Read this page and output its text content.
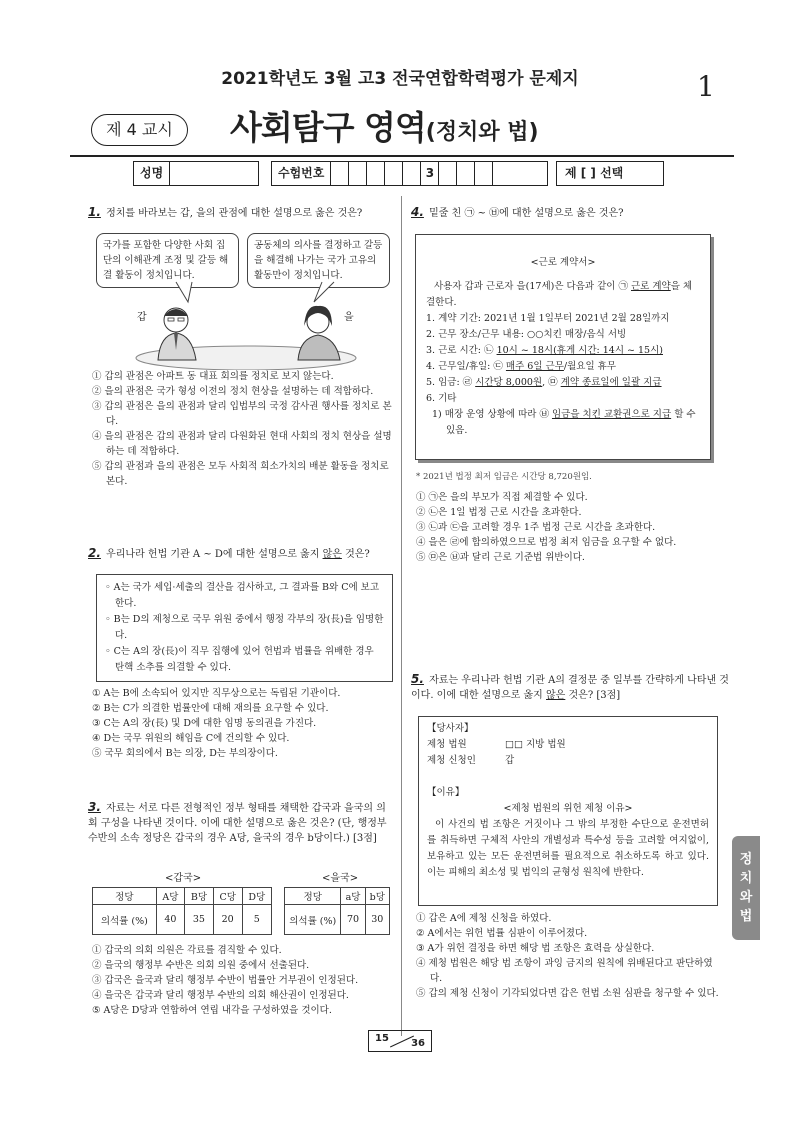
2021학년도 3월 고3 전국연합학력평가 문제지	1
제 4 교시	사회탐구 영역(정치와 법)
성명	수험번호	3	제 [ ] 선택
1. 정치를 바라보는 갑, 을의 관점에 대한 설명으로 옳은 것은?
국가를 포함한 다양한 사회 집단의 이해관계 조정 및 갈등 해결 활동이 정치입니다.
공동체의 의사를 결정하고 갈등을 해결해 나가는 국가 고유의 활동만이 정치입니다.
갑	을
① 갑의 관점은 아파트 동 대표 회의를 정치로 보지 않는다.
② 을의 관점은 국가 형성 이전의 정치 현상을 설명하는 데 적합하다.
③ 갑의 관점은 을의 관점과 달리 입법부의 국정 감사권 행사를 정치로 본다.
④ 을의 관점은 갑의 관점과 달리 다원화된 현대 사회의 정치 현상을 설명하는 데 적합하다.
⑤ 갑의 관점과 을의 관점은 모두 사회적 희소가치의 배분 활동을 정치로 본다.
2. 우리나라 헌법 기관 A ~ D에 대한 설명으로 옳지 않은 것은?
◦ A는 국가 세입·세출의 결산을 검사하고, 그 결과를 B와 C에 보고한다.
◦ B는 D의 제청으로 국무 위원 중에서 행정 각부의 장(長)을 임명한다.
◦ C는 A의 장(長)이 직무 집행에 있어 헌법과 법률을 위배한 경우 탄핵 소추를 의결할 수 있다.
① A는 B에 소속되어 있지만 직무상으로는 독립된 기관이다.
② B는 C가 의결한 법률안에 대해 재의를 요구할 수 있다.
③ C는 A의 장(長) 및 D에 대한 임명 동의권을 가진다.
④ D는 국무 위원의 해임을 C에 건의할 수 있다.
⑤ 국무 회의에서 B는 의장, D는 부의장이다.
3. 자료는 서로 다른 전형적인 정부 형태를 채택한 갑국과 을국의 의회 구성을 나타낸 것이다. 이에 대한 설명으로 옳은 것은? (단, 행정부 수반의 소속 정당은 갑국의 경우 A당, 을국의 경우 b당이다.) [3점]
<갑국>	<을국>
정당	A당	B당	C당	D당
의석률 (%)	40	35	20	5
정당	a당	b당
의석률 (%)	70	30
① 갑국의 의회 의원은 각료를 겸직할 수 있다.
② 을국의 행정부 수반은 의회 의원 중에서 선출된다.
③ 갑국은 을국과 달리 행정부 수반이 법률안 거부권이 인정된다.
④ 을국은 갑국과 달리 행정부 수반의 의회 해산권이 인정된다.
⑤ A당은 D당과 연합하여 연립 내각을 구성하였을 것이다.
4. 밑줄 친 ㉠ ~ ㉥에 대한 설명으로 옳은 것은?
<근로 계약서>
사용자 갑과 근로자 을(17세)은 다음과 같이 ㉠ 근로 계약을 체결한다.
1. 계약 기간: 2021년 1월 1일부터 2021년 2월 28일까지
2. 근무 장소/근무 내용: ○○치킨 매장/음식 서빙
3. 근로 시간: ㉡ 10시 ~ 18시(휴게 시간: 14시 ~ 15시)
4. 근무일/휴일: ㉢ 매주 6일 근무/월요일 휴무
5. 임금: ㉣ 시간당 8,000원, ㉤ 계약 종료일에 일괄 지급
6. 기타
1) 매장 운영 상황에 따라 ㉥ 임금을 치킨 교환권으로 지급 할 수 있음.
* 2021년 법정 최저 임금은 시간당 8,720원임.
① ㉠은 을의 부모가 직접 체결할 수 있다.
② ㉡은 1일 법정 근로 시간을 초과한다.
③ ㉡과 ㉢을 고려할 경우 1주 법정 근로 시간을 초과한다.
④ 을은 ㉣에 합의하였으므로 법정 최저 임금을 요구할 수 없다.
⑤ ㉤은 ㉥과 달리 근로 기준법 위반이다.
5. 자료는 우리나라 헌법 기관 A의 결정문 중 일부를 간략하게 나타낸 것이다. 이에 대한 설명으로 옳지 않은 것은? [3점]
【당사자】
제청 법원	□□ 지방 법원
제청 신청인	갑
【이유】
<제청 법원의 위헌 제청 이유>
이 사건의 법 조항은 거짓이나 그 밖의 부정한 수단으로 운전면허를 취득하면 구체적 사안의 개별성과 특수성 등을 고려할 여지없이, 보유하고 있는 모든 운전면허를 필요적으로 취소하도록 하고 있다. 이는 피해의 최소성 및 법익의 균형성 원칙에 반한다.
① 갑은 A에 제청 신청을 하였다.
② A에서는 위헌 법률 심판이 이루어졌다.
③ A가 위헌 결정을 하면 해당 법 조항은 효력을 상실한다.
④ 제청 법원은 해당 법 조항이 과잉 금지의 원칙에 위배된다고 판단하였다.
⑤ 갑의 제청 신청이 기각되었다면 갑은 헌법 소원 심판을 청구할 수 있다.
정치와 법
15 36
